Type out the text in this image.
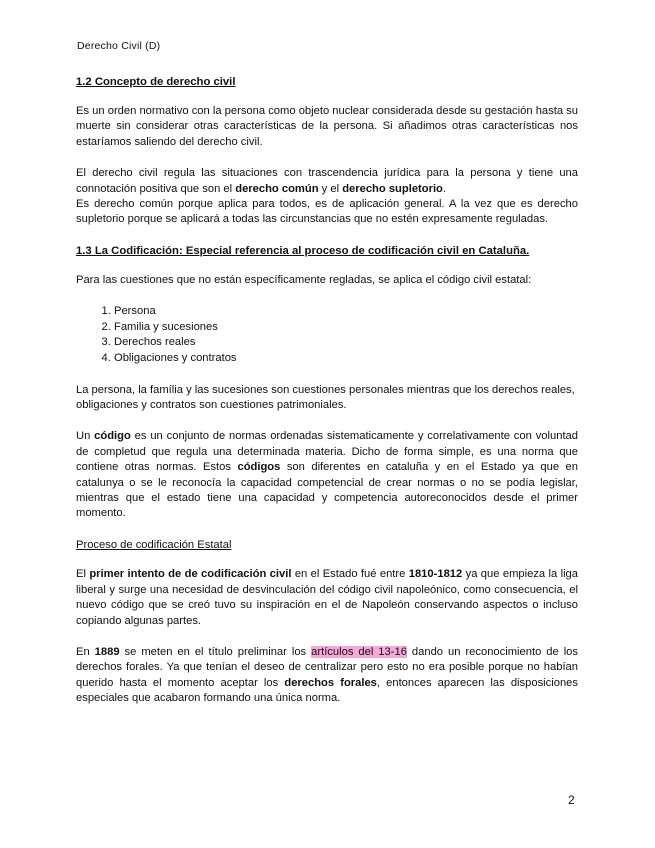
Derecho Civil (D)
1.2 Concepto de derecho civil

Es un orden normativo con la persona como objeto nuclear considerada desde su gestación hasta su muerte sin considerar otras características de la persona. Si añadimos otras características nos estaríamos saliendo del derecho civil.

El derecho civil regula las situaciones con trascendencia jurídica para la persona y tiene una connotación positiva que son el derecho común y el derecho supletorio.

Es derecho común porque aplica para todos, es de aplicación general. A la vez que es derecho supletorio porque se aplicará a todas las circunstancias que no estén expresamente reguladas.

1.3 La Codificación: Especial referencia al proceso de codificación civil en Cataluña.

Para las cuestiones que no están específicamente regladas, se aplica el código civil estatal:

1. Persona
2. Familia y sucesiones
3. Derechos reales
4. Obligaciones y contratos

La persona, la família y las sucesiones son cuestiones personales mientras que los derechos reales, obligaciones y contratos son cuestiones patrimoniales.

Un código es un conjunto de normas ordenadas sistematicamente y correlativamente con voluntad de completud que regula una determinada materia. Dicho de forma simple, es una norma que contiene otras normas. Estos códigos son diferentes en cataluña y en el Estado ya que en catalunya o se le reconocía la capacidad competencial de crear normas o no se podía legislar, mientras que el estado tiene una capacidad y competencia autoreconocidos desde el primer momento.

Proceso de codificación Estatal

El primer intento de de codificación civil en el Estado fué entre 1810-1812 ya que empieza la liga liberal y surge una necesidad de desvinculación del código civil napoleónico, como consecuencia, el nuevo código que se creó tuvo su inspiración en el de Napoleón conservando aspectos o incluso copiando algunas partes.

En 1889 se meten en el título preliminar los artículos del 13-16 dando un reconocimiento de los derechos forales. Ya que tenían el deseo de centralizar pero esto no era posible porque no habían querido hasta el momento aceptar los derechos forales, entonces aparecen las disposiciones especiales que acabaron formando una única norma.

2
